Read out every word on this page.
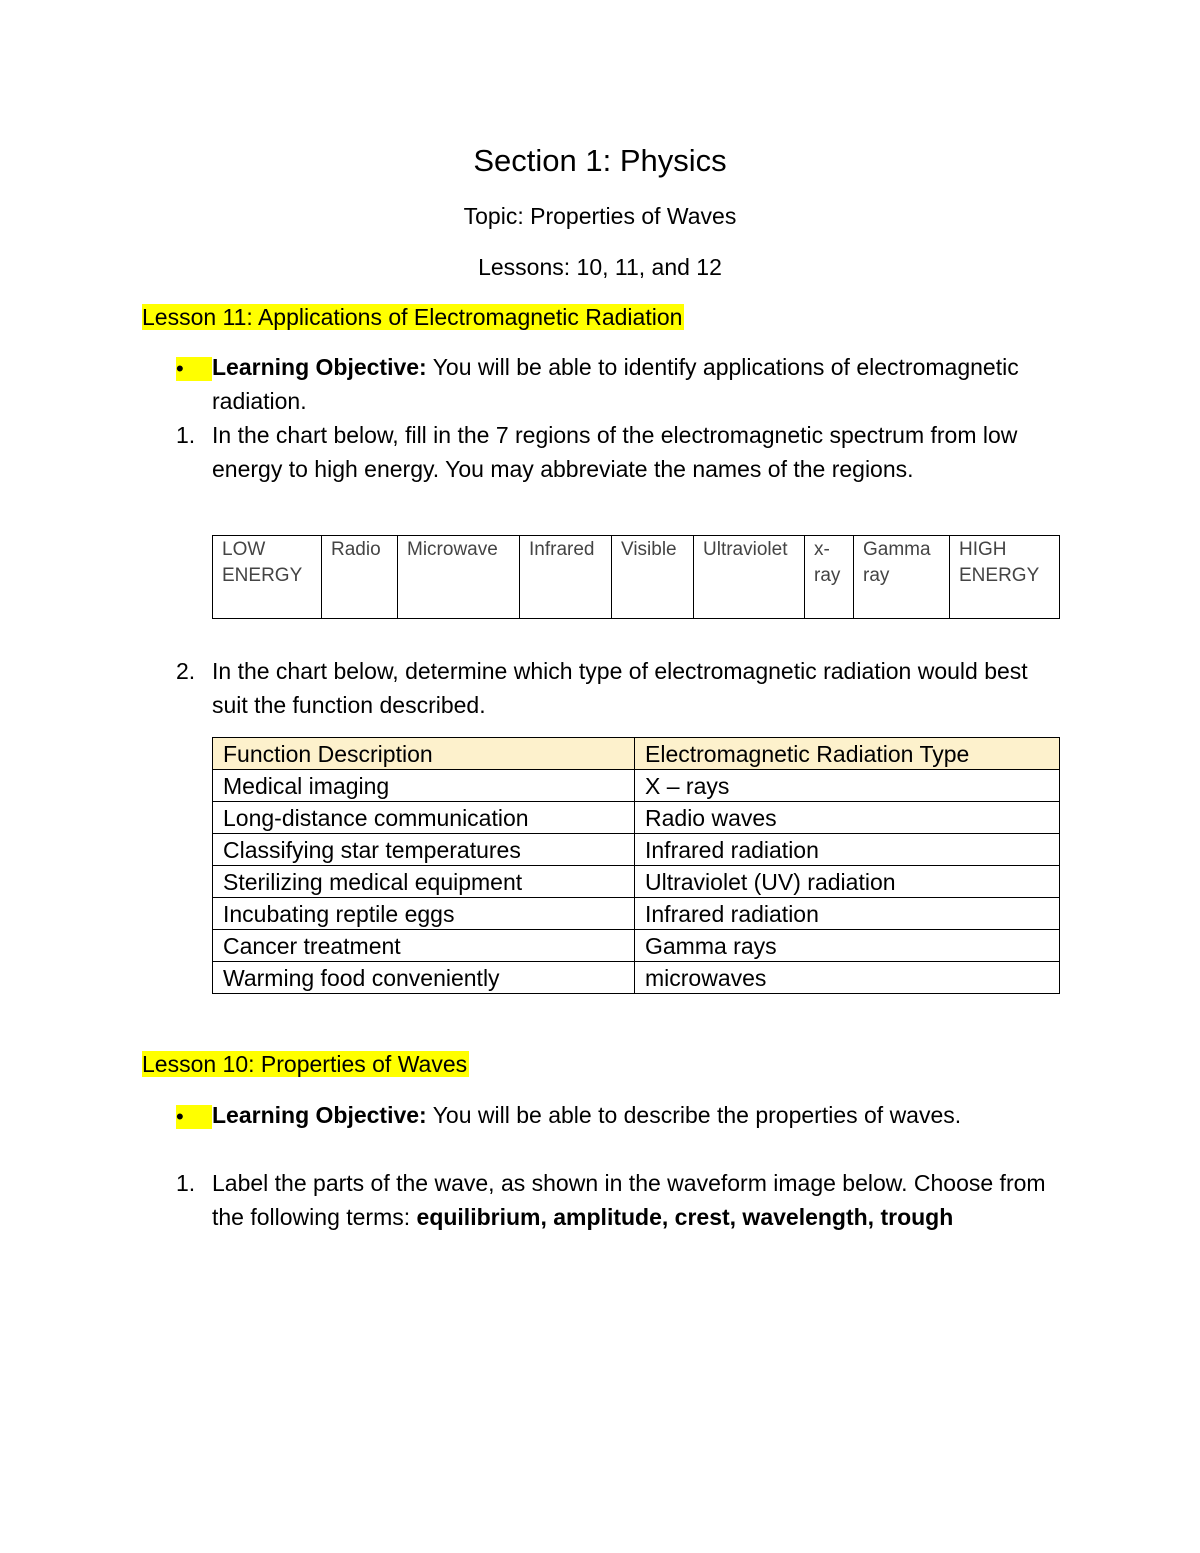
Section 1: Physics
Topic: Properties of Waves
Lessons: 10, 11, and 12
Lesson 11: Applications of Electromagnetic Radiation
• Learning Objective: You will be able to identify applications of electromagnetic radiation.
1. In the chart below, fill in the 7 regions of the electromagnetic spectrum from low energy to high energy. You may abbreviate the names of the regions.
LOW ENERGY	Radio	Microwave	Infrared	Visible	Ultraviolet	x-ray	Gamma ray	HIGH ENERGY
2. In the chart below, determine which type of electromagnetic radiation would best suit the function described.
Function Description	Electromagnetic Radiation Type
Medical imaging	X – rays
Long-distance communication	Radio waves
Classifying star temperatures	Infrared radiation
Sterilizing medical equipment	Ultraviolet (UV) radiation
Incubating reptile eggs	Infrared radiation
Cancer treatment	Gamma rays
Warming food conveniently	microwaves
Lesson 10: Properties of Waves
• Learning Objective: You will be able to describe the properties of waves.
1. Label the parts of the wave, as shown in the waveform image below. Choose from the following terms: equilibrium, amplitude, crest, wavelength, trough
